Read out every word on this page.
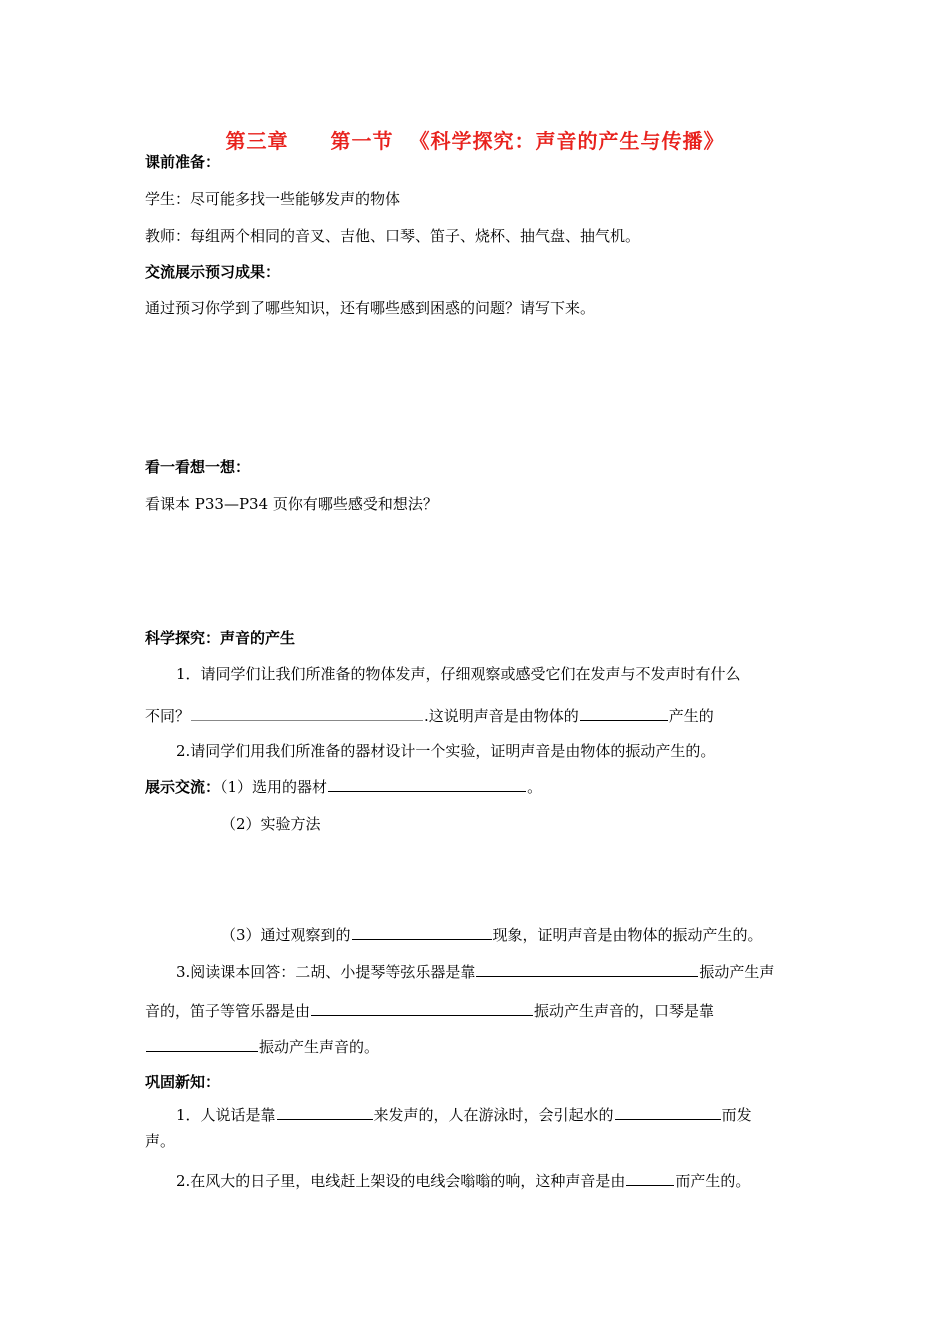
第三章 第一节 《科学探究：声音的产生与传播》
课前准备：
学生：尽可能多找一些能够发声的物体
教师：每组两个相同的音叉、吉他、口琴、笛子、烧杯、抽气盘、抽气机。
交流展示预习成果：
通过预习你学到了哪些知识，还有哪些感到困惑的问题？请写下来。
看一看想一想：
看课本 P33—P34 页你有哪些感受和想法？
科学探究：声音的产生
1．请同学们让我们所准备的物体发声，仔细观察或感受它们在发声与不发声时有什么
不同？	.这说明声音是由物体的	产生的
2.请同学们用我们所准备的器材设计一个实验，证明声音是由物体的振动产生的。
展示交流：（1）选用的器材	。
（2）实验方法
（3）通过观察到的	现象，证明声音是由物体的振动产生的。
3.阅读课本回答：二胡、小提琴等弦乐器是靠	振动产生声
音的，笛子等管乐器是由	振动产生声音的，口琴是靠
振动产生声音的。
巩固新知：
1．人说话是靠	来发声的，人在游泳时，会引起水的	而发
声。
2.在风大的日子里，电线赶上架设的电线会嗡嗡的响，这种声音是由	而产生的。
